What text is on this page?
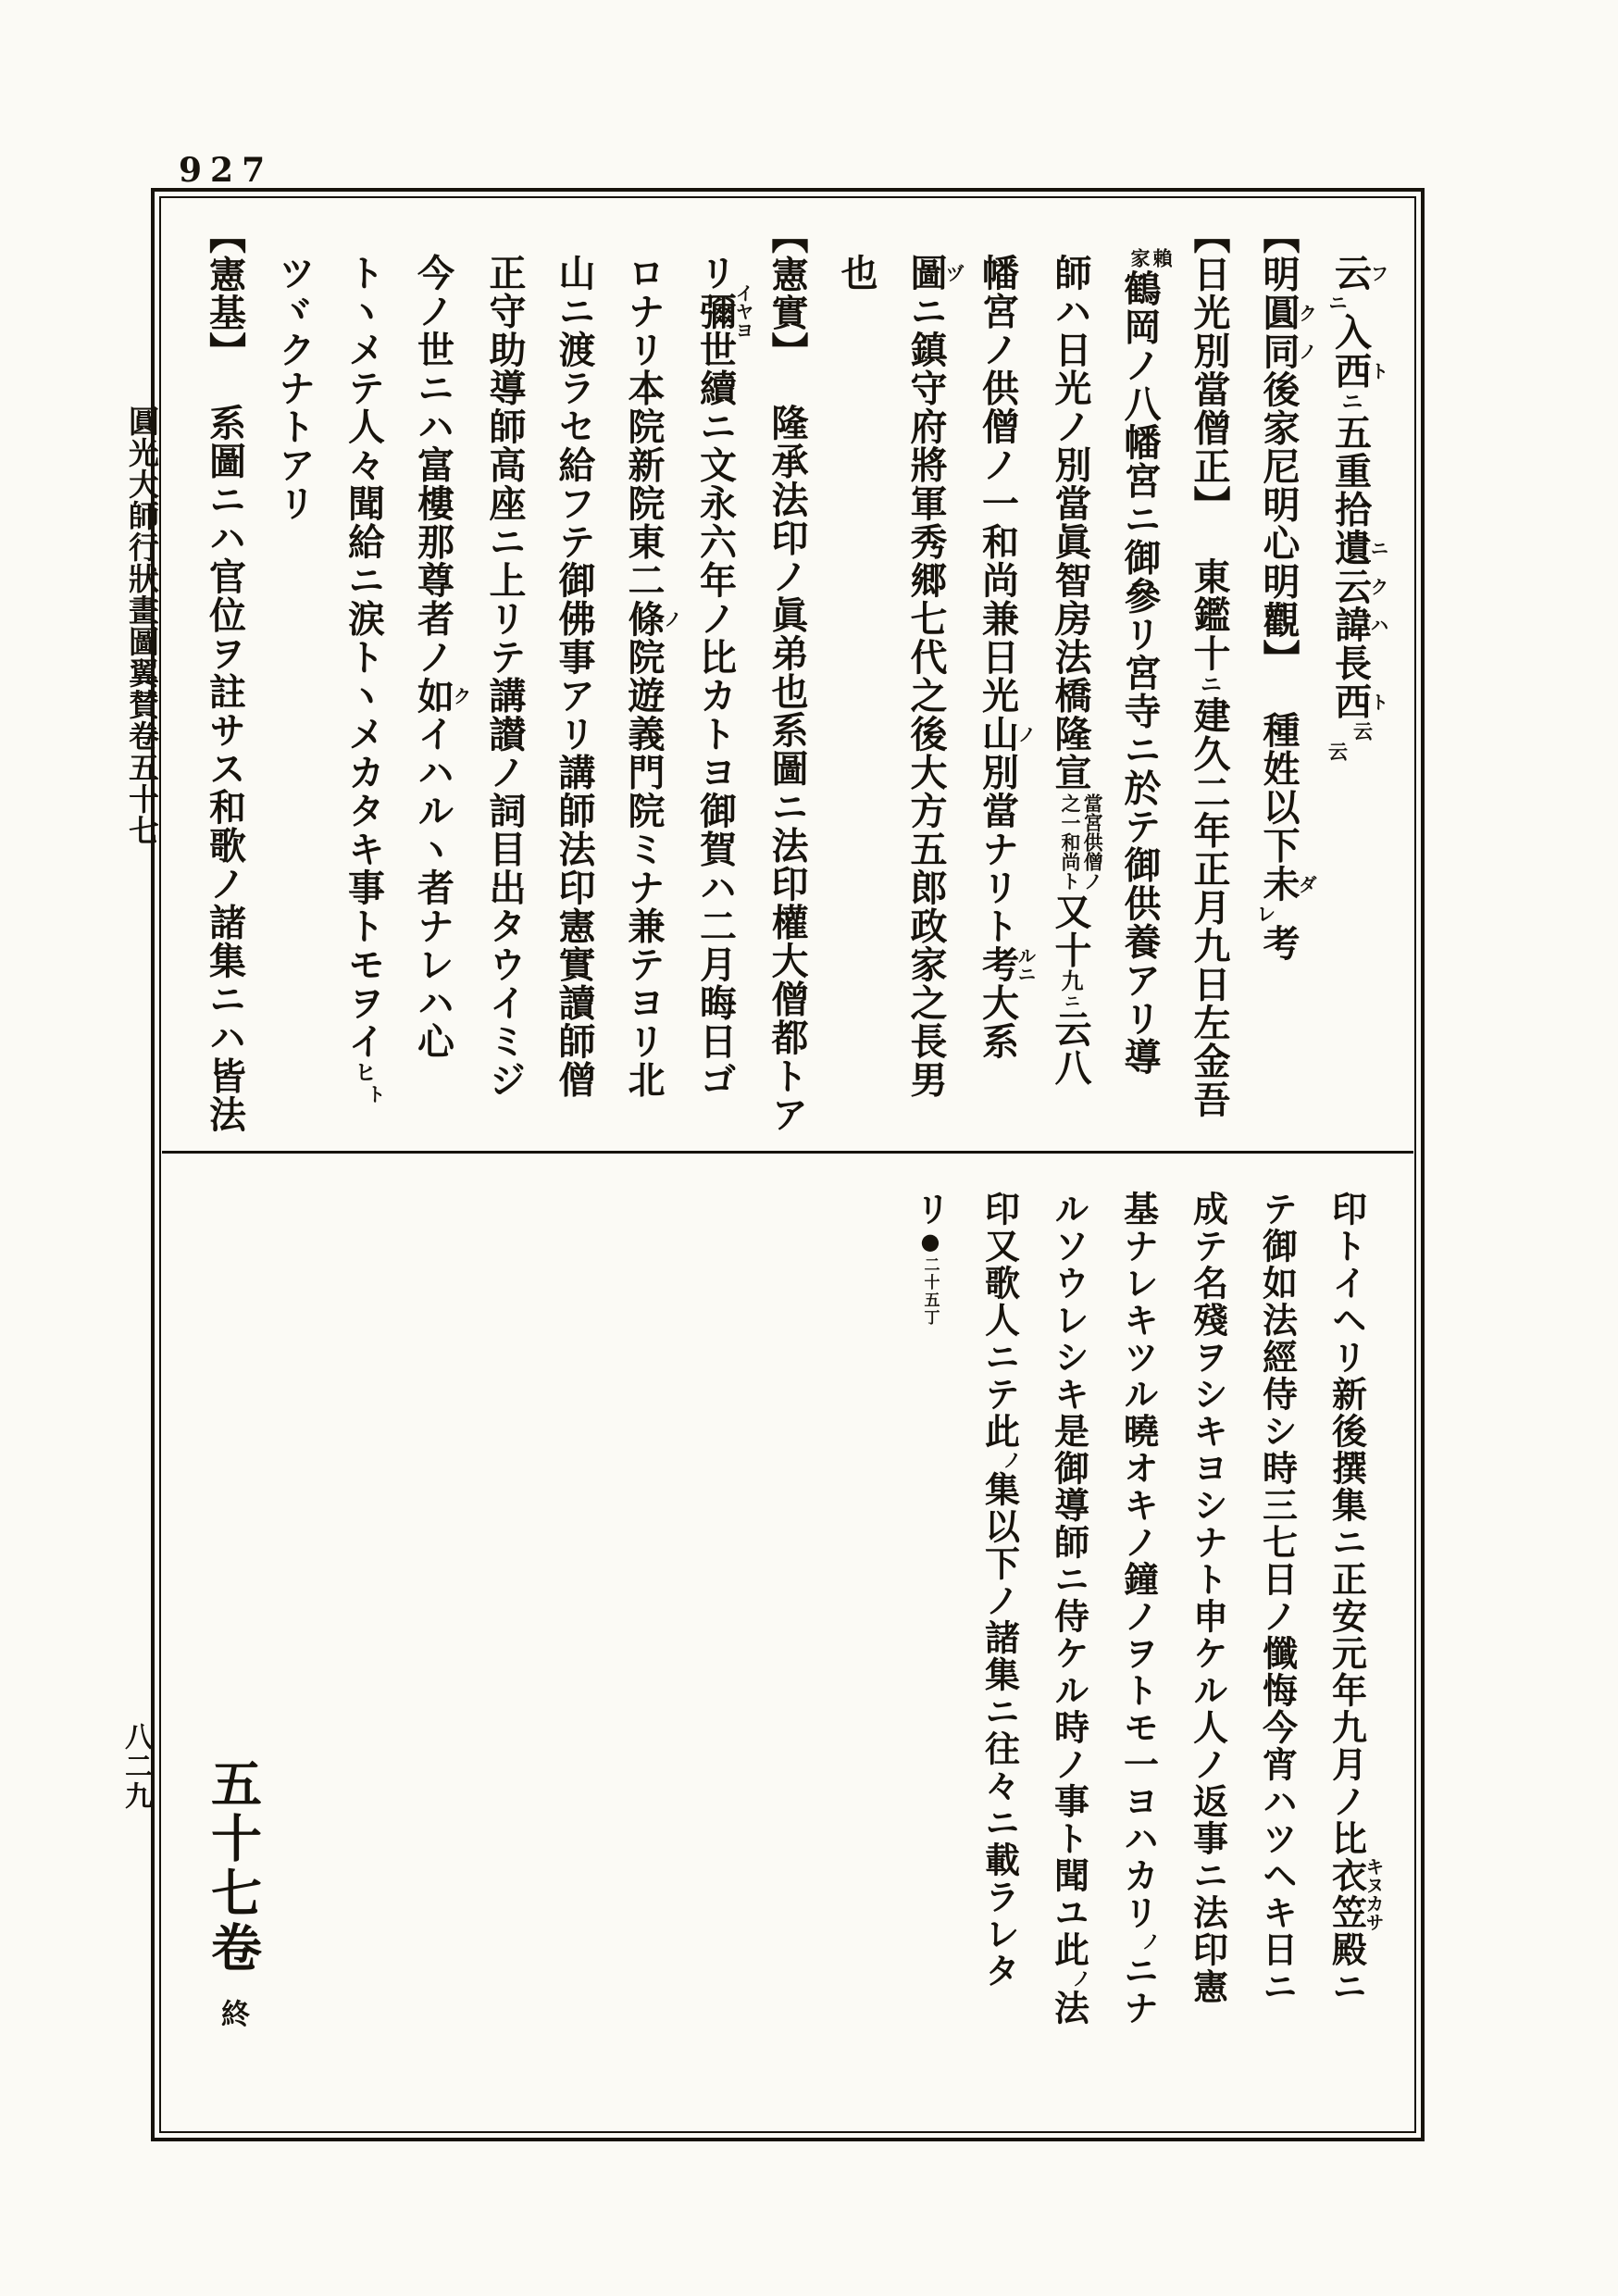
927
圓光大師行狀畫圖翼賛卷五十七
八二九
云フニ入西トニ五重拾遺ニ云ク諱ハ長西ト云云
【明圓ク同ノ後家尼明心明觀】種姓以下未ダレ考
【日光別當僧正】東鑑十ニ建久二年正月九日左金吾
賴
家
鶴岡ノ八幡宮ニ御參リ宮寺ニ於テ御供養アリ導
師ハ日光ノ別當眞智房法橋隆宣
當宮供僧ノ
之一和尚ト
又十九ニ云八
幡宮ノ供僧ノ一和尚兼日光山ノ別當ナリト考ルニ大系
圖ヅニ鎮守府將軍秀郷七代之後大方五郎政家之長男
也
【憲實】隆承法印ノ眞弟也系圖ニ法印權大僧都トア
リ彌イヤヨ世續ニ文永六年ノ比カトヨ御賀ハ二月晦日ゴ
ロナリ本院新院東二條ノ院遊義門院ミナ兼テヨリ北
山ニ渡ラセ給フテ御佛事アリ講師法印憲實讀師僧
正守助導師高座ニ上リテ講讃ノ詞目出タウイミジ
今ノ世ニハ富樓那尊者ノ如クイハルヽ者ナレハ心
トヽメテ人々聞給ニ涙トヽメカタキ事トモヲイヒト
ツヾクナトアリ
【憲基】系圖ニハ官位ヲ註サス和歌ノ諸集ニハ皆法
印トイヘリ新後撰集ニ正安元年九月ノ比衣笠キヌカサ殿ニ
テ御如法經侍シ時三七日ノ懺悔今宵ハツヘキ日ニ
成テ名殘ヲシキヨシナト申ケル人ノ返事ニ法印憲
基ナレキツル曉オキノ鐘ノヲトモ一ヨハカリノニナ
ルソウレシキ是御導師ニ侍ケル時ノ事ト聞ユ此ノ法
印又歌人ニテ此ノ集以下ノ諸集ニ往々ニ載ラレタ
リ●二十五丁
五十七卷 終
